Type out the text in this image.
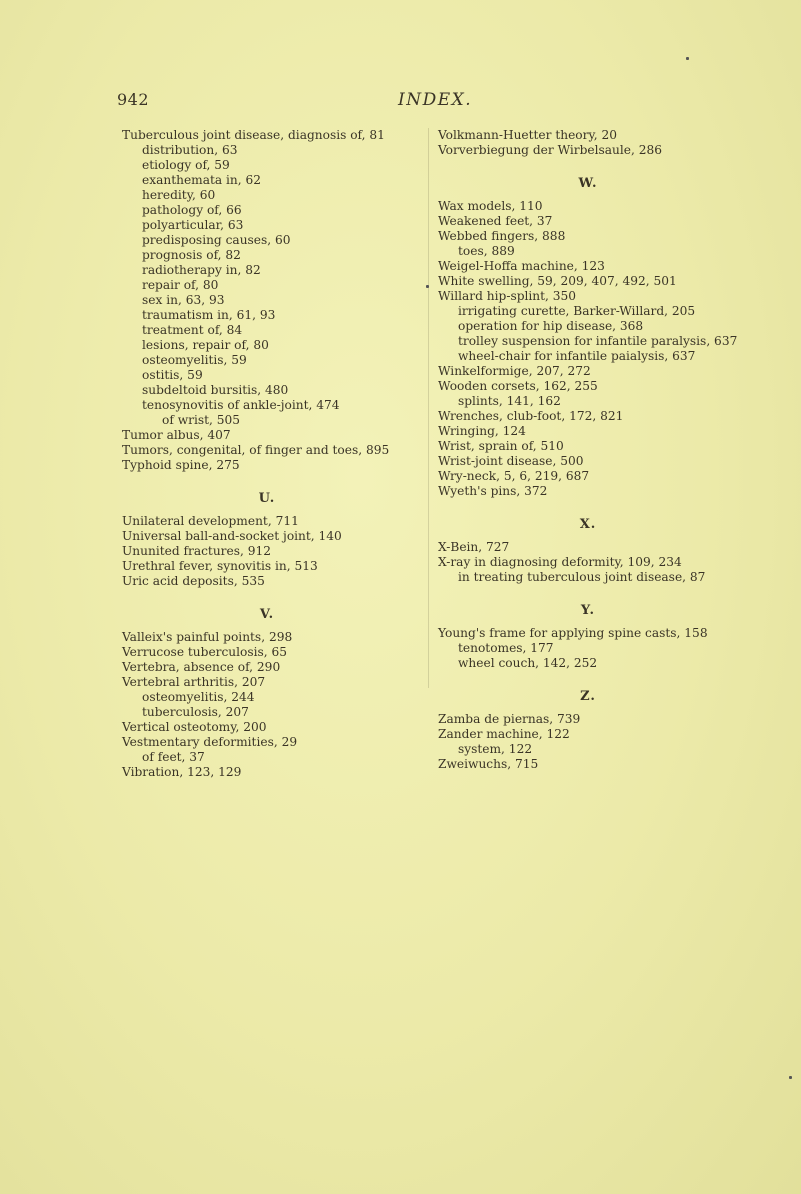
942	INDEX.
Tuberculous joint disease, diagnosis of, 81
distribution, 63
etiology of, 59
exanthemata in, 62
heredity, 60
pathology of, 66
polyarticular, 63
predisposing causes, 60
prognosis of, 82
radiotherapy in, 82
repair of, 80
sex in, 63, 93
traumatism in, 61, 93
treatment of, 84
lesions, repair of, 80
osteomyelitis, 59
ostitis, 59
subdeltoid bursitis, 480
tenosynovitis of ankle-joint, 474
of wrist, 505
Tumor albus, 407
Tumors, congenital, of finger and toes, 895
Typhoid spine, 275
U.
Unilateral development, 711
Universal ball-and-socket joint, 140
Ununited fractures, 912
Urethral fever, synovitis in, 513
Uric acid deposits, 535
V.
Valleix's painful points, 298
Verrucose tuberculosis, 65
Vertebra, absence of, 290
Vertebral arthritis, 207
osteomyelitis, 244
tuberculosis, 207
Vertical osteotomy, 200
Vestmentary deformities, 29
of feet, 37
Vibration, 123, 129
Volkmann-Huetter theory, 20
Vorverbiegung der Wirbelsaule, 286
W.
Wax models, 110
Weakened feet, 37
Webbed fingers, 888
toes, 889
Weigel-Hoffa machine, 123
White swelling, 59, 209, 407, 492, 501
Willard hip-splint, 350
irrigating curette, Barker-Willard, 205
operation for hip disease, 368
trolley suspension for infantile paralysis, 637
wheel-chair for infantile paialysis, 637
Winkelformige, 207, 272
Wooden corsets, 162, 255
splints, 141, 162
Wrenches, club-foot, 172, 821
Wringing, 124
Wrist, sprain of, 510
Wrist-joint disease, 500
Wry-neck, 5, 6, 219, 687
Wyeth's pins, 372
X.
X-Bein, 727
X-ray in diagnosing deformity, 109, 234
in treating tuberculous joint disease, 87
Y.
Young's frame for applying spine casts, 158
tenotomes, 177
wheel couch, 142, 252
Z.
Zamba de piernas, 739
Zander machine, 122
system, 122
Zweiwuchs, 715
